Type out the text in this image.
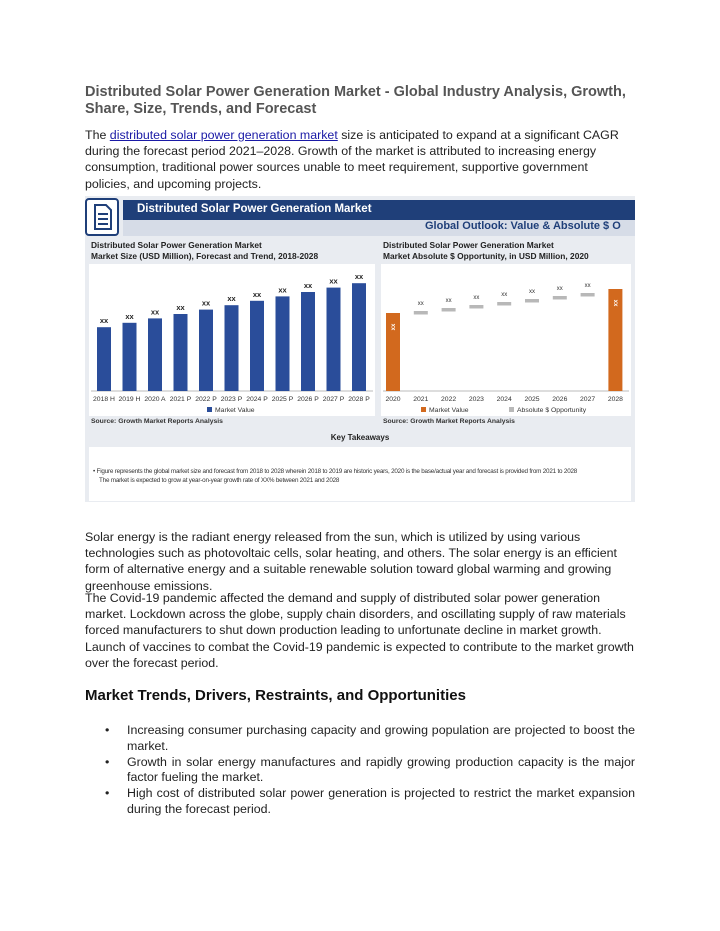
Distributed Solar Power Generation Market - Global Industry Analysis, Growth, Share, Size, Trends, and Forecast
The distributed solar power generation market size is anticipated to expand at a significant CAGR during the forecast period 2021–2028. Growth of the market is attributed to increasing energy consumption, traditional power sources unable to meet requirement, supportive government policies, and upcoming projects.
Distributed Solar Power Generation Market
Global Outlook: Value & Absolute $ O
Distributed Solar Power Generation Market
Market Size (USD Million), Forecast and Trend, 2018-2028
Distributed Solar Power Generation Market
Market Absolute $ Opportunity, in USD Million, 2020
xx
2018 H
xx
2019 H
xx
2020 A
xx
2021 P
xx
2022 P
xx
2023 P
xx
2024 P
xx
2025 P
xx
2026 P
xx
2027 P
xx
2028 P
Market Value
xx
2020
xx
2021
xx
2022
xx
2023
xx
2024
xx
2025
xx
2026
xx
2027
xx
2028
Market Value	Absolute $ Opportunity
Source: Growth Market Reports Analysis	Source: Growth Market Reports Analysis
Key Takeaways
• Figure represents the global market size and forecast from 2018 to 2028 wherein 2018 to 2019 are historic years, 2020 is the base/actual year and forecast is provided from 2021 to 2028
The market is expected to grow at year-on-year growth rate of XX% between 2021 and 2028
Solar energy is the radiant energy released from the sun, which is utilized by using various technologies such as photovoltaic cells, solar heating, and others. The solar energy is an efficient form of alternative energy and a suitable renewable solution toward global warming and growing greenhouse emissions.
The Covid-19 pandemic affected the demand and supply of distributed solar power generation market. Lockdown across the globe, supply chain disorders, and oscillating supply of raw materials forced manufacturers to shut down production leading to unfortunate decline in market growth. Launch of vaccines to combat the Covid-19 pandemic is expected to contribute to the market growth over the forecast period.
Market Trends, Drivers, Restraints, and Opportunities
• Increasing consumer purchasing capacity and growing population are projected to boost the market.
• Growth in solar energy manufactures and rapidly growing production capacity is the major factor fueling the market.
• High cost of distributed solar power generation is projected to restrict the market expansion during the forecast period.
